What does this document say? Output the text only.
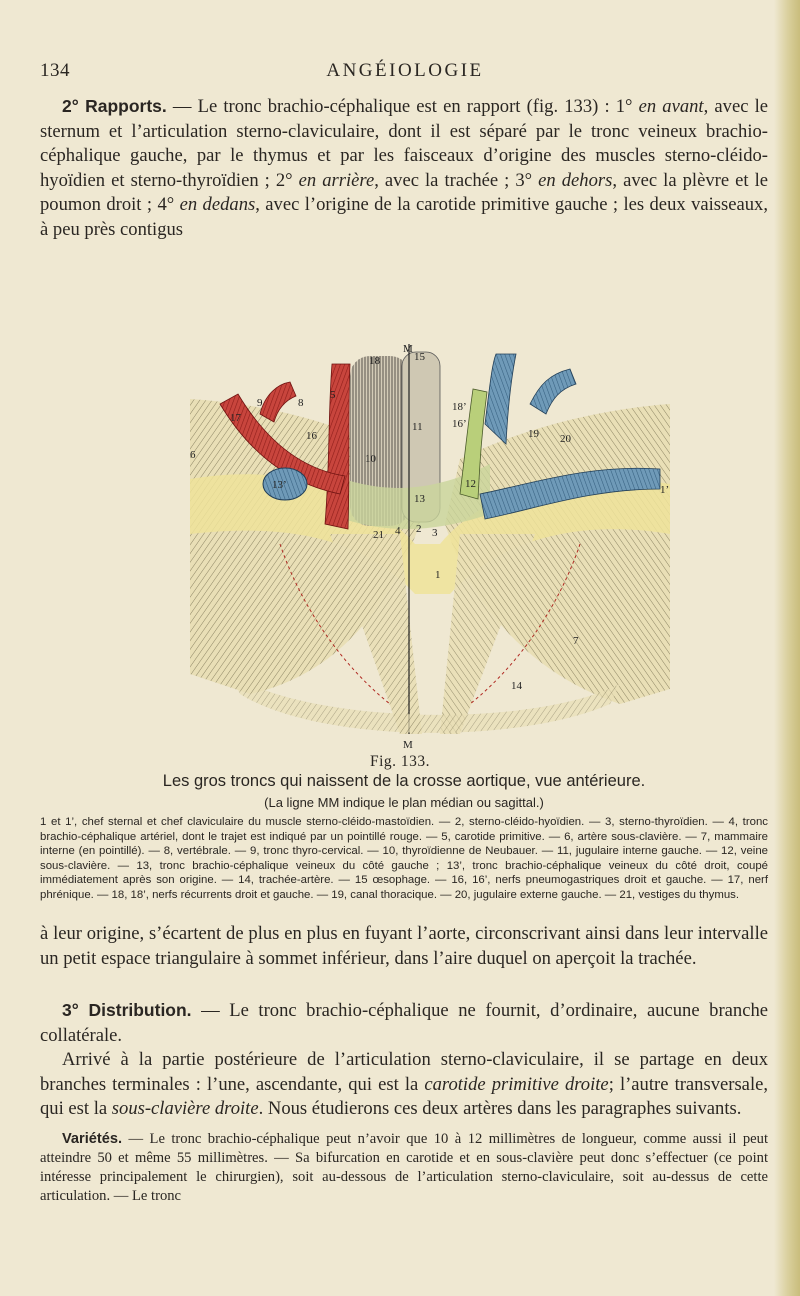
134	ANGÉIOLOGIE

2° Rapports. — Le tronc brachio-céphalique est en rapport (fig. 133) : 1° en avant, avec le sternum et l’articulation sterno-claviculaire, dont il est séparé par le tronc veineux brachio-céphalique gauche, par le thymus et par les faisceaux d’origine des muscles sterno-cléido-hyoïdien et sterno-thyroïdien ; 2° en arrière, avec la trachée ; 3° en dehors, avec la plèvre et le poumon droit ; 4° en dedans, avec l’origine de la carotide primitive gauche ; les deux vaisseaux, à peu près contigus

M
M
18	15
18’
16’
19 20
9	8
17
5
6
16
11
10
13’
13
12
2 3
4
21
1
1’
7
14
Fig. 133.
Les gros troncs qui naissent de la crosse aortique, vue antérieure.
(La ligne MM indique le plan médian ou sagittal.)

1 et 1’, chef sternal et chef claviculaire du muscle sterno-cléido-mastoïdien. — 2, sterno-cléido-hyoïdien. — 3, sterno-thyroïdien. — 4, tronc brachio-céphalique artériel, dont le trajet est indiqué par un pointillé rouge. — 5, carotide primitive. — 6, artère sous-clavière. — 7, mammaire interne (en pointillé). — 8, vertébrale. — 9, tronc thyro-cervical. — 10, thyroïdienne de Neubauer. — 11, jugulaire interne gauche. — 12, veine sous-clavière. — 13, tronc brachio-céphalique veineux du côté gauche ; 13’, tronc brachio-céphalique veineux du côté droit, coupé immédiatement après son origine. — 14, trachée-artère. — 15 œsophage. — 16, 16’, nerfs pneumogastriques droit et gauche. — 17, nerf phrénique. — 18, 18’, nerfs récurrents droit et gauche. — 19, canal thoracique. — 20, jugulaire externe gauche. — 21, vestiges du thymus.

à leur origine, s’écartent de plus en plus en fuyant l’aorte, circonscrivant ainsi dans leur intervalle un petit espace triangulaire à sommet inférieur, dans l’aire duquel on aperçoit la trachée.

3° Distribution. — Le tronc brachio-céphalique ne fournit, d’ordinaire, aucune branche collatérale.

Arrivé à la partie postérieure de l’articulation sterno-claviculaire, il se partage en deux branches terminales : l’une, ascendante, qui est la carotide primitive droite; l’autre transversale, qui est la sous-clavière droite. Nous étudierons ces deux artères dans les paragraphes suivants.

Variétés. — Le tronc brachio-céphalique peut n’avoir que 10 à 12 millimètres de longueur, comme aussi il peut atteindre 50 et même 55 millimètres. — Sa bifurcation en carotide et en sous-clavière peut donc s’effectuer (ce point intéresse principalement le chirurgien), soit au-dessous de l’articulation sterno-claviculaire, soit au-dessus de cette articulation. — Le tronc
